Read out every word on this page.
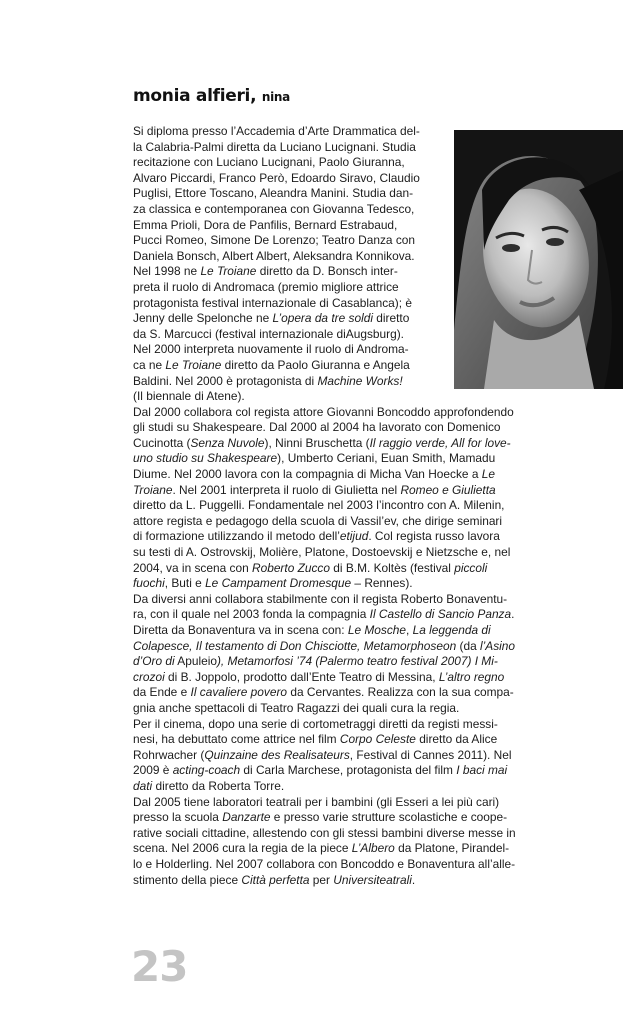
monia alfieri, nina
Si diploma presso l’Accademia d’Arte Drammatica del-
la Calabria-Palmi diretta da Luciano Lucignani. Studia
recitazione con Luciano Lucignani, Paolo Giuranna,
Alvaro Piccardi, Franco Però, Edoardo Siravo, Claudio
Puglisi, Ettore Toscano, Aleandra Manini. Studia dan-
za classica e contemporanea con Giovanna Tedesco,
Emma Prioli, Dora de Panfilis, Bernard Estrabaud,
Pucci Romeo, Simone De Lorenzo; Teatro Danza con
Daniela Bonsch, Albert Albert, Aleksandra Konnikova.
Nel 1998 ne Le Troiane diretto da D. Bonsch inter-
preta il ruolo di Andromaca (premio migliore attrice
protagonista festival internazionale di Casablanca); è
Jenny delle Spelonche ne L’opera da tre soldi diretto
da S. Marcucci (festival internazionale diAugsburg).
Nel 2000 interpreta nuovamente il ruolo di Androma-
ca ne Le Troiane diretto da Paolo Giuranna e Angela
Baldini. Nel 2000 è protagonista di Machine Works!
(Il biennale di Atene).
Dal 2000 collabora col regista attore Giovanni Boncoddo approfondendo
gli studi su Shakespeare. Dal 2000 al 2004 ha lavorato con Domenico
Cucinotta (Senza Nuvole), Ninni Bruschetta (Il raggio verde, All for love-
uno studio su Shakespeare), Umberto Ceriani, Euan Smith, Mamadu
Diume. Nel 2000 lavora con la compagnia di Micha Van Hoecke a Le
Troiane. Nel 2001 interpreta il ruolo di Giulietta nel Romeo e Giulietta
diretto da L. Puggelli. Fondamentale nel 2003 l’incontro con A. Milenin,
attore regista e pedagogo della scuola di Vassil’ev, che dirige seminari
di formazione utilizzando il metodo dell’etijud. Col regista russo lavora
su testi di A. Ostrovskij, Molière, Platone, Dostoevskij e Nietzsche e, nel
2004, va in scena con Roberto Zucco di B.M. Koltès (festival piccoli
fuochi, Buti e Le Campament Dromesque – Rennes).
Da diversi anni collabora stabilmente con il regista Roberto Bonaventu-
ra, con il quale nel 2003 fonda la compagnia Il Castello di Sancio Panza.
Diretta da Bonaventura va in scena con: Le Mosche, La leggenda di
Colapesce, Il testamento di Don Chisciotte, Metamorphoseon (da l’Asino
d’Oro di Apuleio), Metamorfosi ’74 (Palermo teatro festival 2007) I Mi-
crozoi di B. Joppolo, prodotto dall’Ente Teatro di Messina, L’altro regno
da Ende e Il cavaliere povero da Cervantes. Realizza con la sua compa-
gnia anche spettacoli di Teatro Ragazzi dei quali cura la regia.
Per il cinema, dopo una serie di cortometraggi diretti da registi messi-
nesi, ha debuttato come attrice nel film Corpo Celeste diretto da Alice
Rohrwacher (Quinzaine des Realisateurs, Festival di Cannes 2011). Nel
2009 è acting-coach di Carla Marchese, protagonista del film I baci mai
dati diretto da Roberta Torre.
Dal 2005 tiene laboratori teatrali per i bambini (gli Esseri a lei più cari)
presso la scuola Danzarte e presso varie strutture scolastiche e coope-
rative sociali cittadine, allestendo con gli stessi bambini diverse messe in
scena. Nel 2006 cura la regia de la piece L’Albero da Platone, Pirandel-
lo e Holderling. Nel 2007 collabora con Boncoddo e Bonaventura all’alle-
stimento della piece Città perfetta per Universiteatrali.
23
